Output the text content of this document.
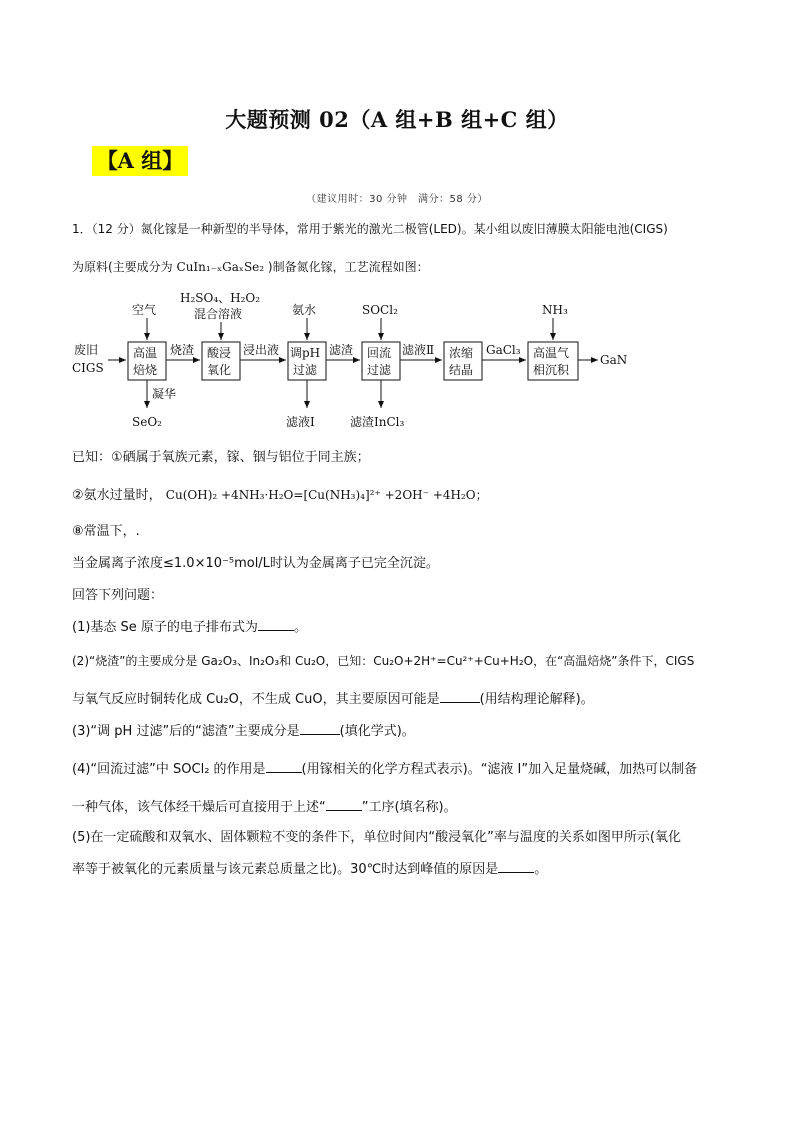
大题预测 02（A 组+B 组+C 组）
【A 组】
（建议用时：30 分钟　满分：58 分）
1．（12 分）氮化镓是一种新型的半导体，常用于紫光的激光二极管(LED)。某小组以废旧薄膜太阳能电池(CIGS)
为原料(主要成分为 CuIn₁₋ₓGaₓSe₂ )制备氮化镓，工艺流程如图：
废旧
CIGS
高温
焙烧
酸浸
氧化
调pH
过滤
回流
过滤
浓缩
结晶
高温气
相沉积
烧渣	浸出液	滤渣	滤液Ⅱ	GaCl₃
GaN
空气
H₂SO₄、H₂O₂
混合溶液	氨水	SOCl₂	NH₃
凝华
SeO₂	滤液Ⅰ	滤渣InCl₃
已知：①硒属于氧族元素，镓、铟与铝位于同主族；
②氨水过量时， Cu(OH)₂ +4NH₃·H₂O=[Cu(NH₃)₄]²⁺ +2OH⁻ +4H₂O；
⑧常温下，.
当金属离子浓度≤1.0×10⁻⁵mol/L时认为金属离子已完全沉淀。
回答下列问题：
(1)基态 Se 原子的电子排布式为	。
(2)“烧渣”的主要成分是 Ga₂O₃、In₂O₃和 Cu₂O，已知：Cu₂O+2H⁺=Cu²⁺+Cu+H₂O，在“高温焙烧”条件下，CIGS
与氧气反应时铜转化成 Cu₂O，不生成 CuO，其主要原因可能是	(用结构理论解释)。
(3)“调 pH 过滤”后的“滤渣”主要成分是	(填化学式)。
(4)“回流过滤”中 SOCl₂ 的作用是	(用镓相关的化学方程式表示)。“滤液 Ⅰ”加入足量烧碱，加热可以制备
一种气体，该气体经干燥后可直接用于上述“	”工序(填名称)。
(5)在一定硫酸和双氧水、固体颗粒不变的条件下，单位时间内“酸浸氧化”率与温度的关系如图甲所示(氧化
率等于被氧化的元素质量与该元素总质量之比)。30℃时达到峰值的原因是	。
